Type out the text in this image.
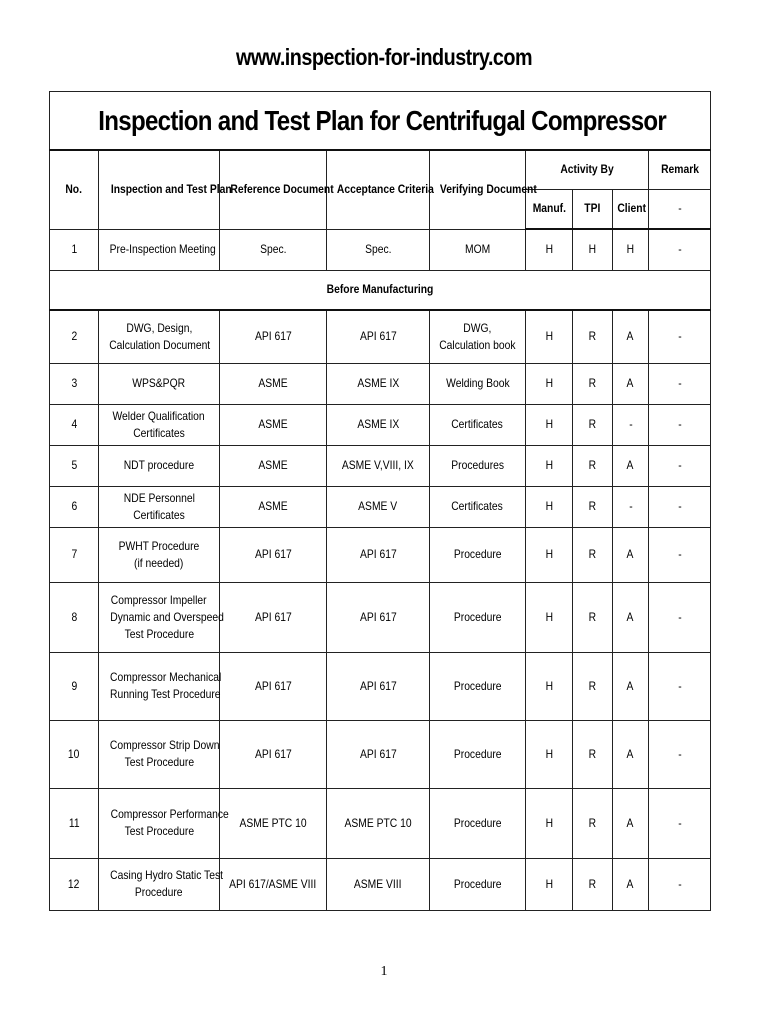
www.inspection-for-industry.com
Inspection and Test Plan for Centrifugal Compressor								
No.	Inspection and Test Plan	Reference Document	Acceptance Criteria	Verifying Document	Activity By			Remark
					Manuf.	TPI	Client	-
1	Pre-Inspection Meeting	Spec.	Spec.	MOM	H	H	H	-
Before Manufacturing								
2	DWG, Design,
Calculation Document	API 617	API 617	DWG,
Calculation book	H	R	A	-
3	WPS&PQR	ASME	ASME IX	Welding Book	H	R	A	-
4	Welder Qualification
Certificates	ASME	ASME IX	Certificates	H	R	-	-
5	NDT procedure	ASME	ASME V,VIII, IX	Procedures	H	R	A	-
6	NDE Personnel
Certificates	ASME	ASME V	Certificates	H	R	-	-
7	PWHT Procedure
(if needed)	API 617	API 617	Procedure	H	R	A	-
8	Compressor Impeller
Dynamic and Overspeed
Test Procedure	API 617	API 617	Procedure	H	R	A	-
9	Compressor Mechanical
Running Test Procedure	API 617	API 617	Procedure	H	R	A	-
10	Compressor Strip Down
Test Procedure	API 617	API 617	Procedure	H	R	A	-
11	Compressor Performance
Test Procedure	ASME PTC 10	ASME PTC 10	Procedure	H	R	A	-
12	Casing Hydro Static Test
Procedure	API 617/ASME VIII	ASME VIII	Procedure	H	R	A	-
1
